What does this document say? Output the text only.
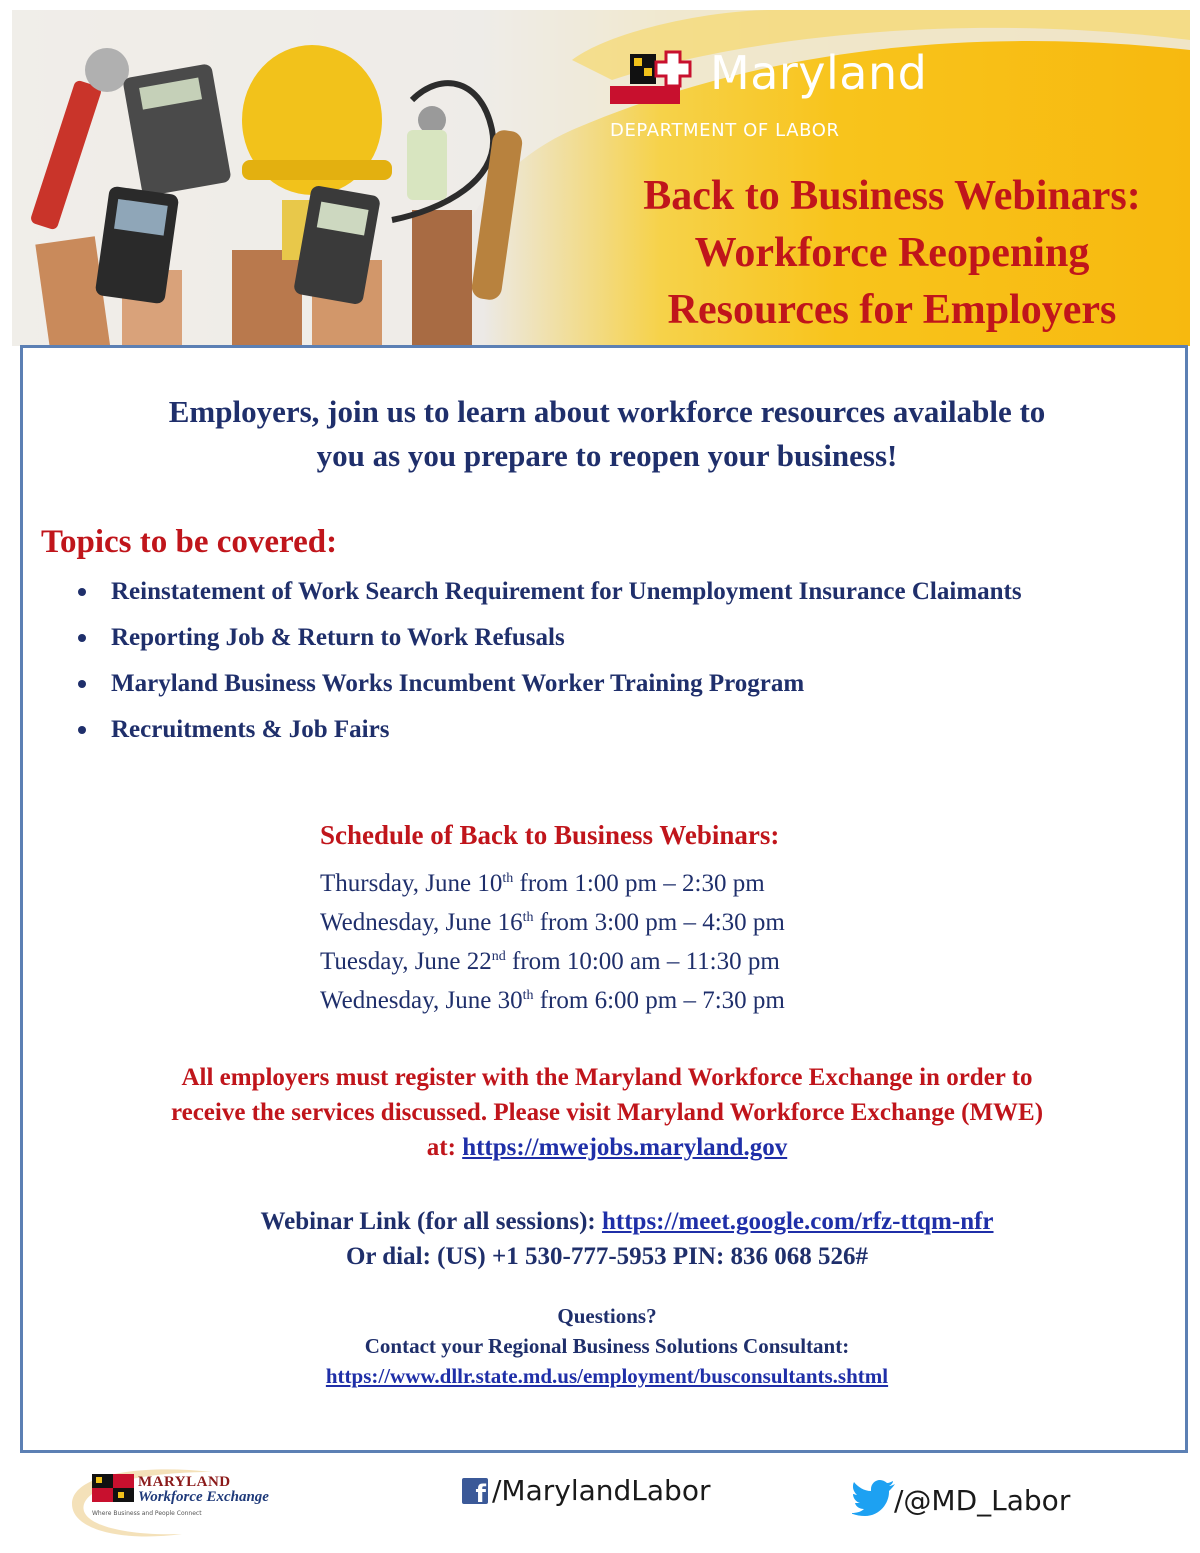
Maryland
DEPARTMENT OF LABOR
Back to Business Webinars:
Workforce Reopening
Resources for Employers
Employers, join us to learn about workforce resources available to
you as you prepare to reopen your business!
Topics to be covered:
Reinstatement of Work Search Requirement for Unemployment Insurance Claimants
Reporting Job & Return to Work Refusals
Maryland Business Works Incumbent Worker Training Program
Recruitments & Job Fairs
Schedule of Back to Business Webinars:
Thursday, June 10th from 1:00 pm – 2:30 pm
Wednesday, June 16th from 3:00 pm – 4:30 pm
Tuesday, June 22nd from 10:00 am – 11:30 pm
Wednesday, June 30th from 6:00 pm – 7:30 pm
All employers must register with the Maryland Workforce Exchange in order to
receive the services discussed. Please visit Maryland Workforce Exchange (MWE)
at: https://mwejobs.maryland.gov
Webinar Link (for all sessions): https://meet.google.com/rfz-ttqm-nfr
Or dial: (US) +1 530-777-5953 PIN: 836 068 526#
Questions?
Contact your Regional Business Solutions Consultant:
https://www.dllr.state.md.us/employment/busconsultants.shtml
MARYLAND
Workforce Exchange
Where Business and People Connect
f /MarylandLabor	/@MD_Labor
